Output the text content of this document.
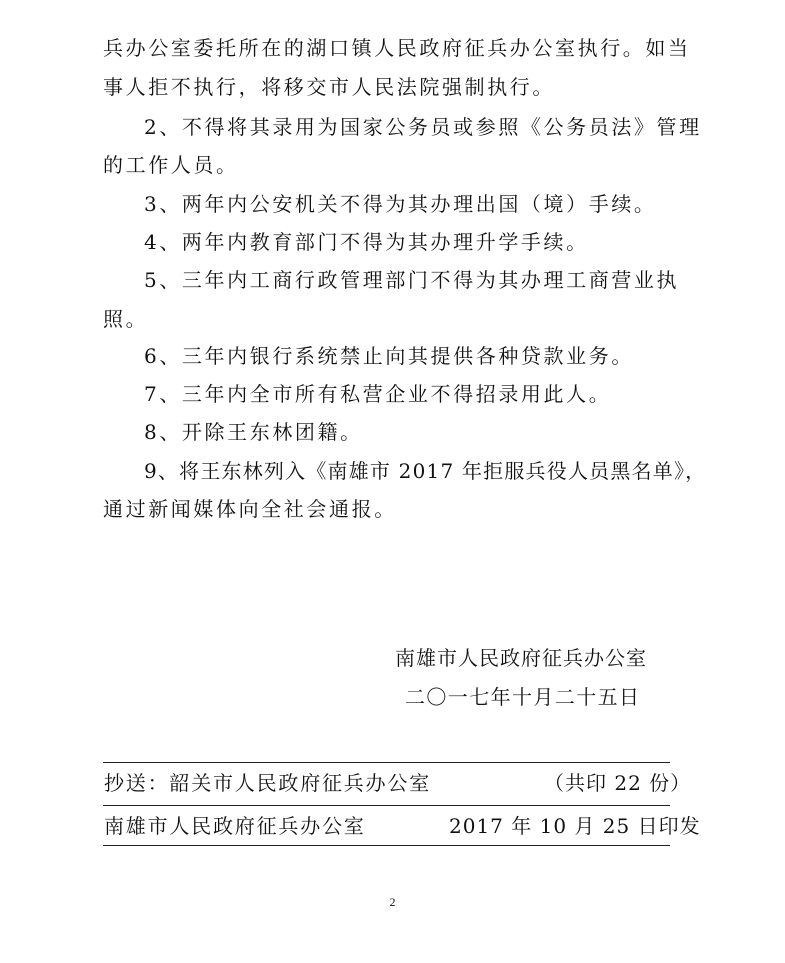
兵办公室委托所在的湖口镇人民政府征兵办公室执行。如当
事人拒不执行，将移交市人民法院强制执行。
2、不得将其录用为国家公务员或参照《公务员法》管理
的工作人员。
3、两年内公安机关不得为其办理出国（境）手续。
4、两年内教育部门不得为其办理升学手续。
5、三年内工商行政管理部门不得为其办理工商营业执
照。
6、三年内银行系统禁止向其提供各种贷款业务。
7、三年内全市所有私营企业不得招录用此人。
8、开除王东林团籍。
9、将王东林列入《南雄市 2017 年拒服兵役人员黑名单》，
通过新闻媒体向全社会通报。
南雄市人民政府征兵办公室
二〇一七年十月二十五日
抄送：韶关市人民政府征兵办公室	（共印 22 份）
南雄市人民政府征兵办公室	2017 年 10 月 25 日印发
2
